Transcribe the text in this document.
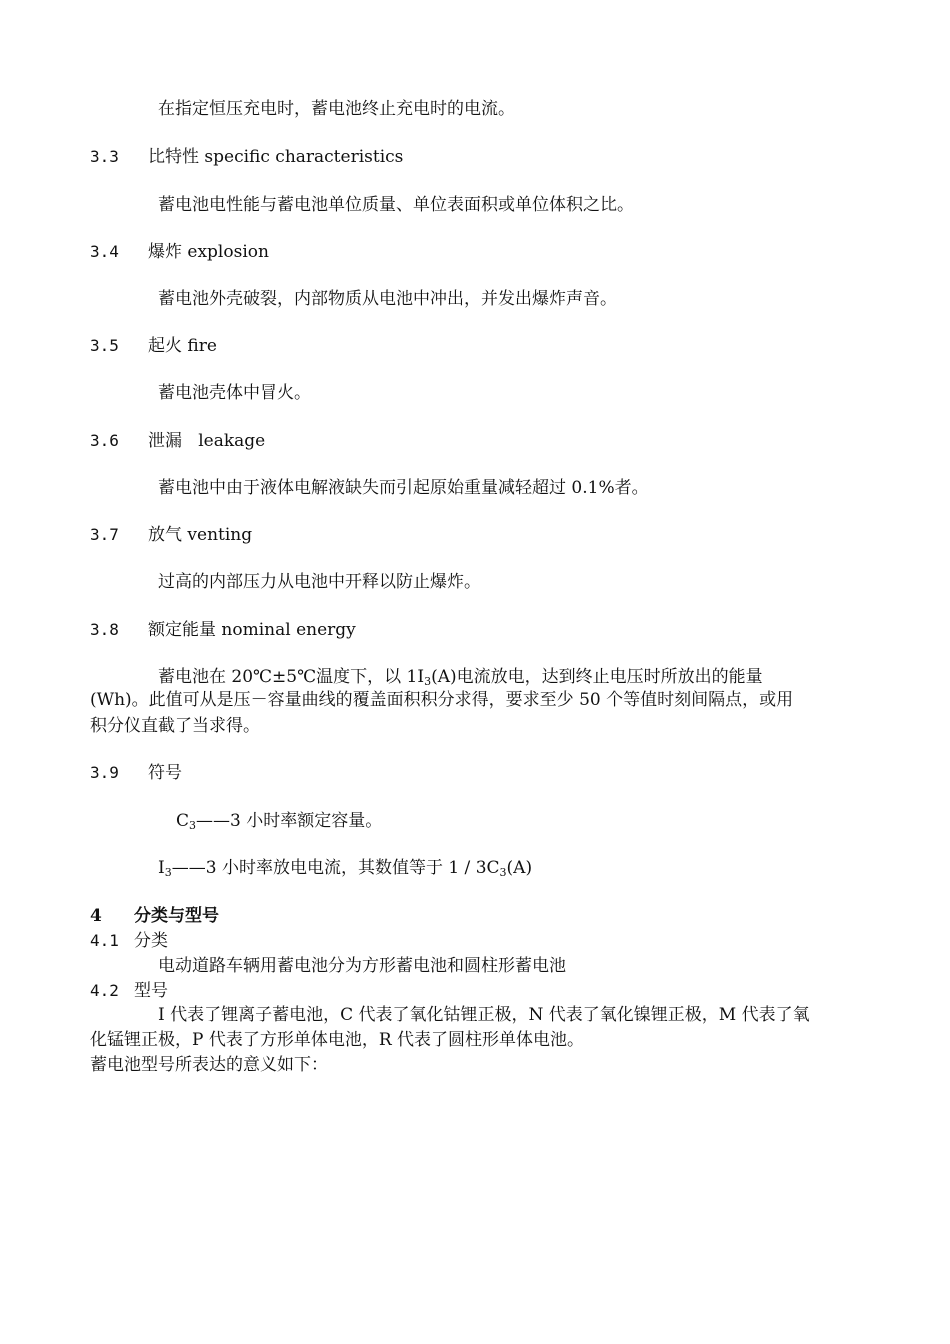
在指定恒压充电时，蓄电池终止充电时的电流。
3.3 比特性 specific characteristics
蓄电池电性能与蓄电池单位质量、单位表面积或单位体积之比。
3.4 爆炸 explosion
蓄电池外壳破裂，内部物质从电池中冲出，并发出爆炸声音。
3.5 起火 fire
蓄电池壳体中冒火。
3.6 泄漏   leakage
蓄电池中由于液体电解液缺失而引起原始重量减轻超过 0.1%者。
3.7 放气 venting
过高的内部压力从电池中开释以防止爆炸。
3.8 额定能量 nominal energy
蓄电池在 20℃±5℃温度下，以 $1I_3(A)$电流放电，达到终止电压时所放出的能量
(Wh)。此值可从是压－容量曲线的覆盖面积积分求得，要求至少 50 个等值时刻间隔点，或用
积分仪直截了当求得。
3.9 符号
$C_3——3$ 小时率额定容量。
$I_3——3$ 小时率放电电流，其数值等于 $1 / 3C_3(A)$
4 分类与型号
4.1 分类
电动道路车辆用蓄电池分为方形蓄电池和圆柱形蓄电池
4.2 型号
I 代表了锂离子蓄电池，C 代表了氧化钴锂正极，N 代表了氧化镍锂正极，M 代表了氧
化锰锂正极，P 代表了方形单体电池，R 代表了圆柱形单体电池。
蓄电池型号所表达的意义如下：
